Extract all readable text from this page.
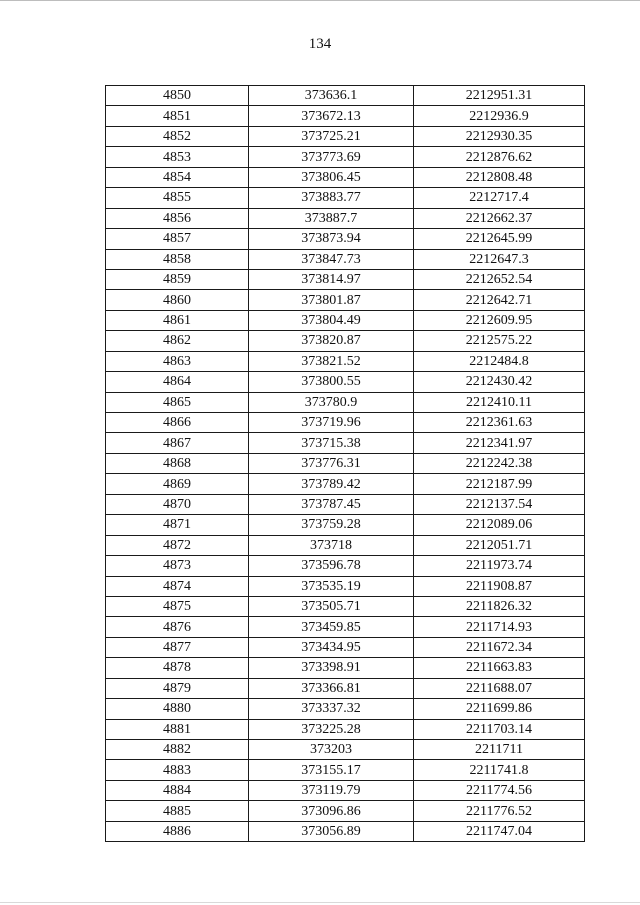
134
4850	373636.1	2212951.31
4851	373672.13	2212936.9
4852	373725.21	2212930.35
4853	373773.69	2212876.62
4854	373806.45	2212808.48
4855	373883.77	2212717.4
4856	373887.7	2212662.37
4857	373873.94	2212645.99
4858	373847.73	2212647.3
4859	373814.97	2212652.54
4860	373801.87	2212642.71
4861	373804.49	2212609.95
4862	373820.87	2212575.22
4863	373821.52	2212484.8
4864	373800.55	2212430.42
4865	373780.9	2212410.11
4866	373719.96	2212361.63
4867	373715.38	2212341.97
4868	373776.31	2212242.38
4869	373789.42	2212187.99
4870	373787.45	2212137.54
4871	373759.28	2212089.06
4872	373718	2212051.71
4873	373596.78	2211973.74
4874	373535.19	2211908.87
4875	373505.71	2211826.32
4876	373459.85	2211714.93
4877	373434.95	2211672.34
4878	373398.91	2211663.83
4879	373366.81	2211688.07
4880	373337.32	2211699.86
4881	373225.28	2211703.14
4882	373203	2211711
4883	373155.17	2211741.8
4884	373119.79	2211774.56
4885	373096.86	2211776.52
4886	373056.89	2211747.04
